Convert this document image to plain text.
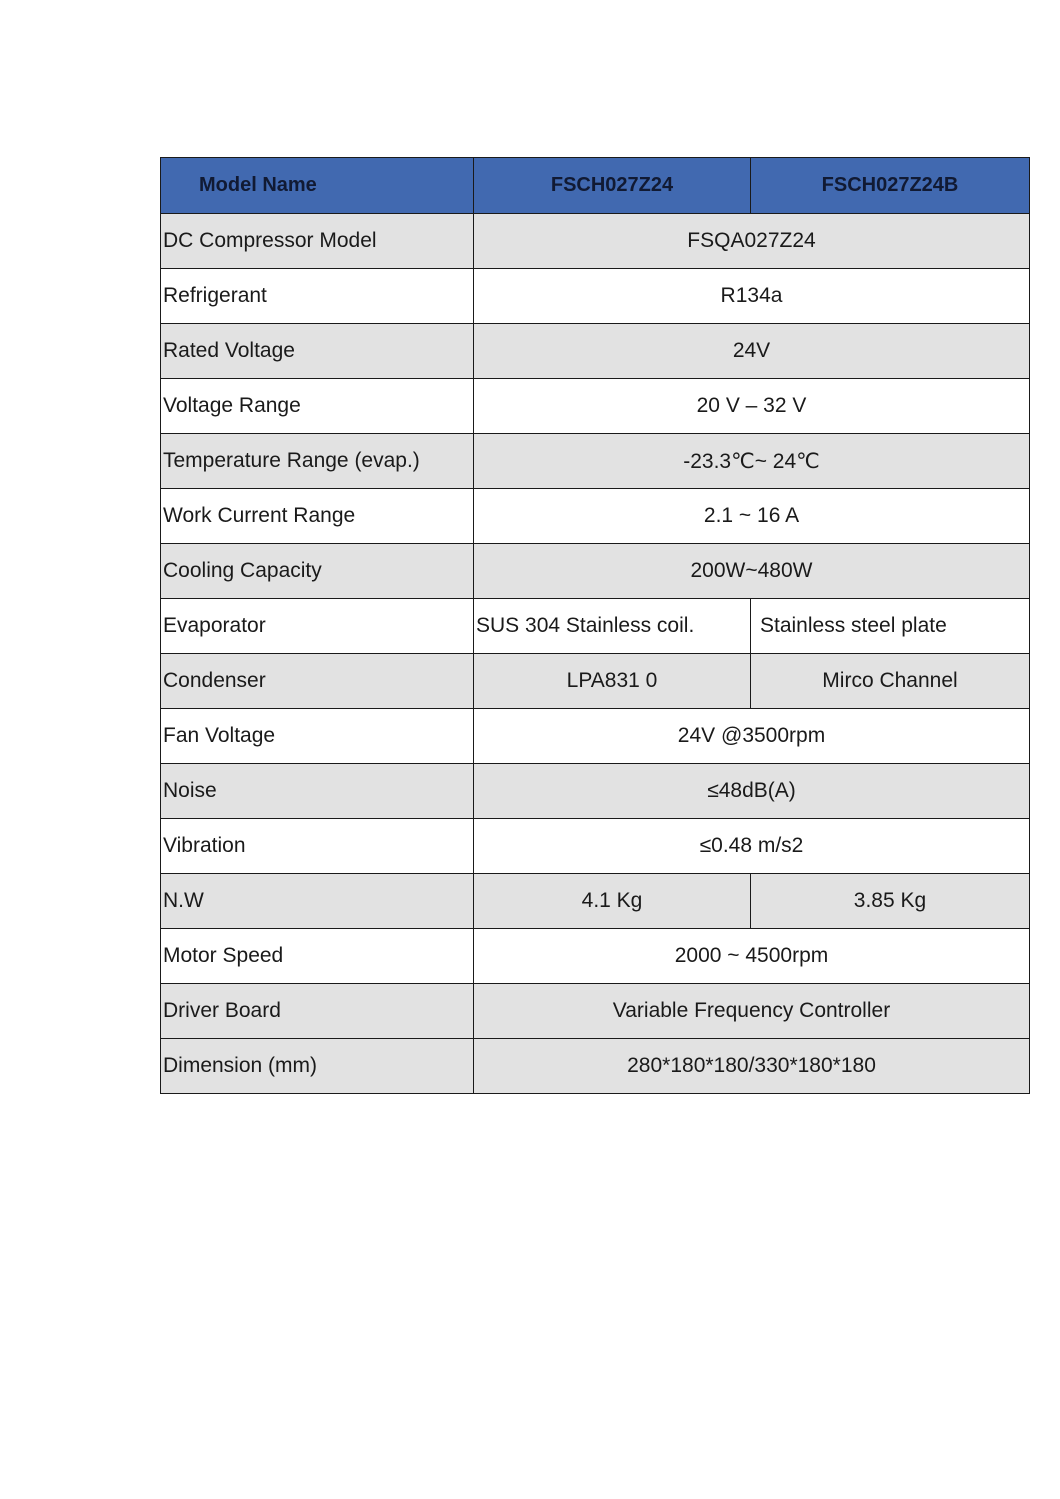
Model Name	FSCH027Z24	FSCH027Z24B
DC Compressor Model	FSQA027Z24	
Refrigerant	R134a	
Rated Voltage	24V	
Voltage Range	20 V – 32 V	
Temperature Range (evap.)	-23.3℃~ 24℃	
Work Current Range	2.1 ~ 16 A	
Cooling Capacity	200W~480W	
Evaporator	SUS 304 Stainless coil.	Stainless steel plate
Condenser	LPA831 0	Mirco Channel
Fan Voltage	24V @3500rpm	
Noise	≤48dB(A)	
Vibration	≤0.48 m/s2	
N.W	4.1 Kg	3.85 Kg
Motor Speed	2000 ~ 4500rpm	
Driver Board	Variable Frequency Controller	
Dimension (mm)	280*180*180/330*180*180	
